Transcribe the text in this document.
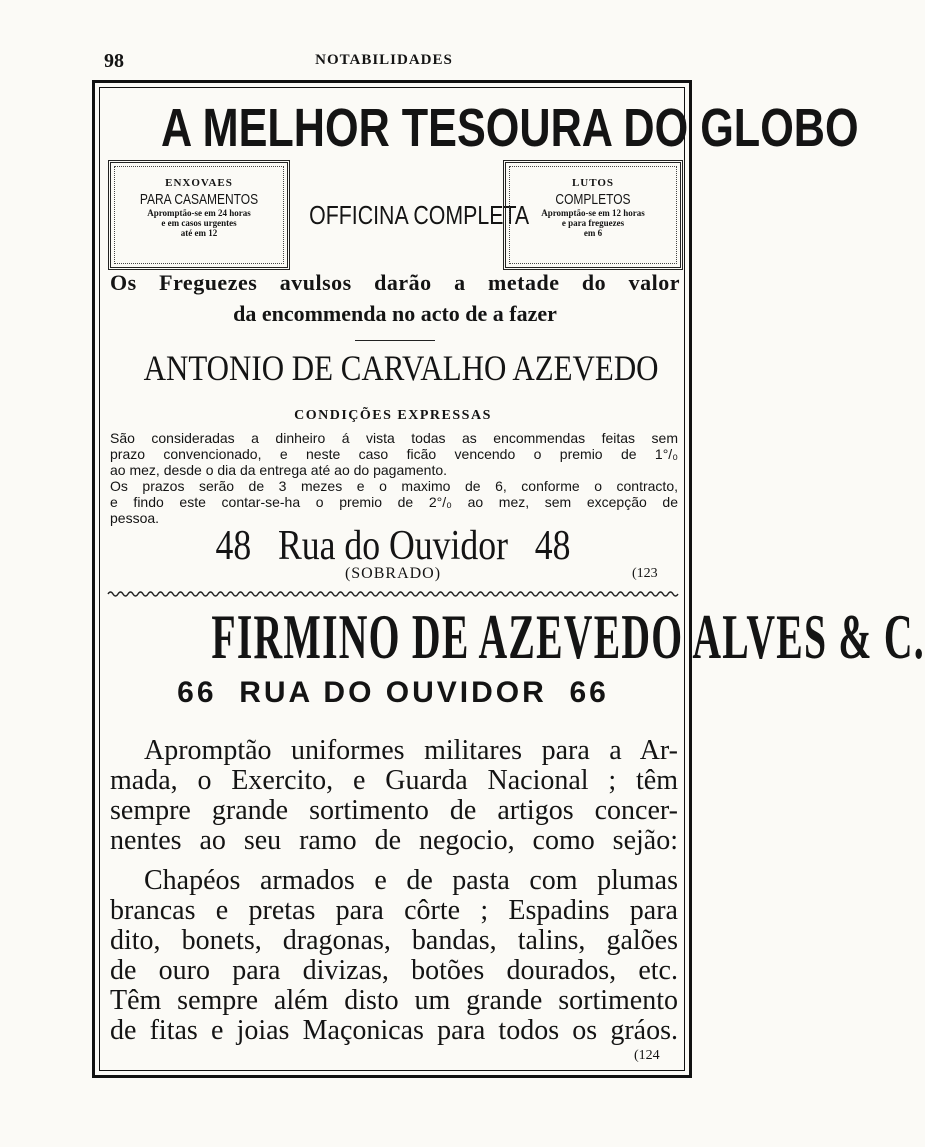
98	NOTABILIDADES
A MELHOR TESOURA DO GLOBO
ENXOVAES
PARA CASAMENTOS
Apromptão-se em 24 horas
e em casos urgentes
até em 12
OFFICINA COMPLETA
LUTOS
COMPLETOS
Apromptão-se em 12 horas
e para freguezes
em 6
Os Freguezes avulsos darão a metade do valor
da encommenda no acto de a fazer
ANTONIO DE CARVALHO AZEVEDO
CONDIÇÕES EXPRESSAS
São consideradas a dinheiro á vista todas as encommendas feitas sem
prazo convencionado, e neste caso ficão vencendo o premio de 1°/₀
ao mez, desde o dia da entrega até ao do pagamento.
Os prazos serão de 3 mezes e o maximo de 6, conforme o contracto,
e findo este contar-se-ha o premio de 2°/₀ ao mez, sem excepção de
pessoa.
48   Rua do Ouvidor   48
(SOBRADO)	(123
FIRMINO DE AZEVEDO ALVES & C.
66  RUA DO OUVIDOR  66
Apromptão uniformes militares para a Ar-
mada, o Exercito, e Guarda Nacional ; têm
sempre grande sortimento de artigos concer-
nentes ao seu ramo de negocio, como sejão:
Chapéos armados e de pasta com plumas
brancas e pretas para côrte ; Espadins para
dito, bonets, dragonas, bandas, talins, galões
de ouro para divizas, botões dourados, etc.
Têm sempre além disto um grande sortimento
de fitas e joias Maçonicas para todos os gráos.
(124
